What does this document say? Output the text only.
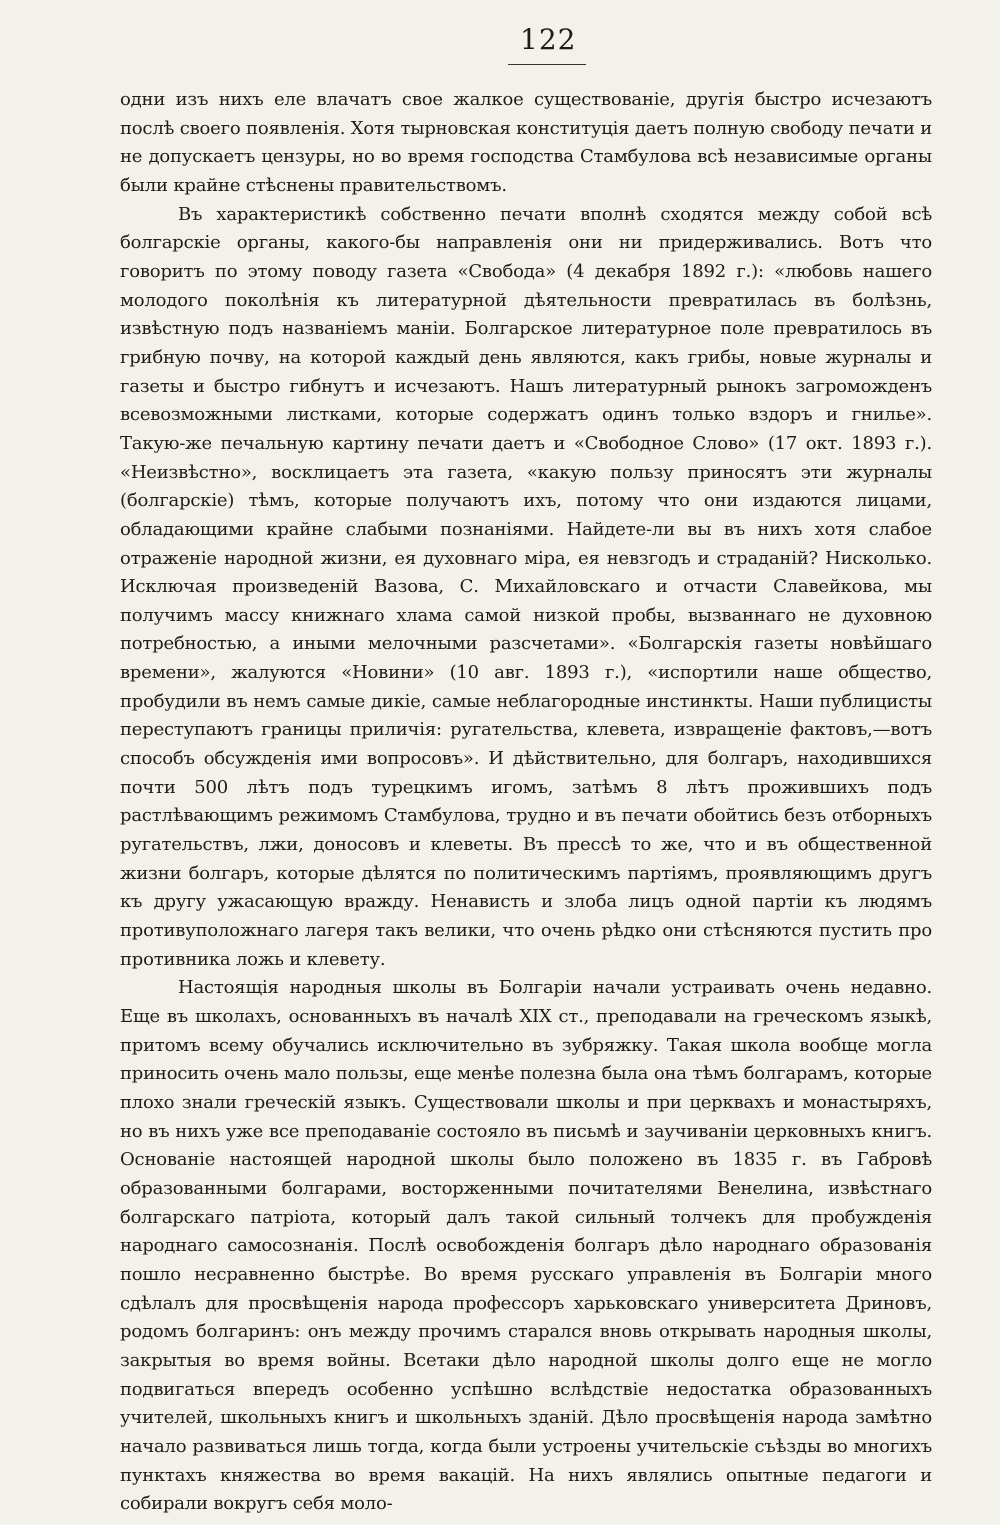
122

одни изъ нихъ еле влачатъ свое жалкое существованіе, другія быстро исчезаютъ послѣ своего появленія. Хотя тырновская конституція даетъ полную свободу печати и не допускаетъ цензуры, но во время господства Стамбулова всѣ независимые органы были крайне стѣснены правительствомъ.

Въ характеристикѣ собственно печати вполнѣ сходятся между собой всѣ болгарскіе органы, какого-бы направленія они ни придерживались. Вотъ что говоритъ по этому поводу газета «Свобода» (4 декабря 1892 г.): «любовь нашего молодого поколѣнія къ литературной дѣятельности превратилась въ болѣзнь, извѣстную подъ названіемъ маніи. Болгарское литературное поле превратилось въ грибную почву, на которой каждый день являются, какъ грибы, новые журналы и газеты и быстро гибнутъ и исчезаютъ. Нашъ литературный рынокъ загроможденъ всевозможными листками, которые содержатъ одинъ только вздоръ и гнилье». Такую-же печальную картину печати даетъ и «Свободное Слово» (17 окт. 1893 г.). «Неизвѣстно», восклицаетъ эта газета, «какую пользу приносятъ эти журналы (болгарскіе) тѣмъ, которые получаютъ ихъ, потому что они издаются лицами, обладающими крайне слабыми познаніями. Найдете-ли вы въ нихъ хотя слабое отраженіе народной жизни, ея духовнаго міра, ея невзгодъ и страданій? Нисколько. Исключая произведеній Вазова, С. Михайловскаго и отчасти Славейкова, мы получимъ массу книжнаго хлама самой низкой пробы, вызваннаго не духовною потребностью, а иными мелочными разсчетами». «Болгарскія газеты новѣйшаго времени», жалуются «Новини» (10 авг. 1893 г.), «испортили наше общество, пробудили въ немъ самые дикіе, самые неблагородные инстинкты. Наши публицисты переступаютъ границы приличія: ругательства, клевета, извращеніе фактовъ,—вотъ способъ обсужденія ими вопросовъ». И дѣйствительно, для болгаръ, находившихся почти 500 лѣтъ подъ турецкимъ игомъ, затѣмъ 8 лѣтъ прожившихъ подъ растлѣвающимъ режимомъ Стамбулова, трудно и въ печати обойтись безъ отборныхъ ругательствъ, лжи, доносовъ и клеветы. Въ прессѣ то же, что и въ общественной жизни болгаръ, которые дѣлятся по политическимъ партіямъ, проявляющимъ другъ къ другу ужасающую вражду. Ненависть и злоба лицъ одной партіи къ людямъ противуположнаго лагеря такъ велики, что очень рѣдко они стѣсняются пустить про противника ложь и клевету.

Настоящія народныя школы въ Болгаріи начали устраивать очень недавно. Еще въ школахъ, основанныхъ въ началѣ XIX ст., преподавали на греческомъ языкѣ, притомъ всему обучались исключительно въ зубряжку. Такая школа вообще могла приносить очень мало пользы, еще менѣе полезна была она тѣмъ болгарамъ, которые плохо знали греческій языкъ. Существовали школы и при церквахъ и монастыряхъ, но въ нихъ уже все преподаваніе состояло въ письмѣ и заучиваніи церковныхъ книгъ. Основаніе настоящей народной школы было положено въ 1835 г. въ Габровѣ образованными болгарами, восторженными почитателями Венелина, извѣстнаго болгарскаго патріота, который далъ такой сильный толчекъ для пробужденія народнаго самосознанія. Послѣ освобожденія болгаръ дѣло народнаго образованія пошло несравненно быстрѣе. Во время русскаго управленія въ Болгаріи много сдѣлалъ для просвѣщенія народа профессоръ харьковскаго университета Дриновъ, родомъ болгаринъ: онъ между прочимъ старался вновь открывать народныя школы, закрытыя во время войны. Всетаки дѣло народной школы долго еще не могло подвигаться впередъ особенно успѣшно вслѣдствіе недостатка образованныхъ учителей, школьныхъ книгъ и школьныхъ зданій. Дѣло просвѣщенія народа замѣтно начало развиваться лишь тогда, когда были устроены учительскіе съѣзды во многихъ пунктахъ княжества во время вакацій. На нихъ являлись опытные педагоги и собирали вокругъ себя моло-
